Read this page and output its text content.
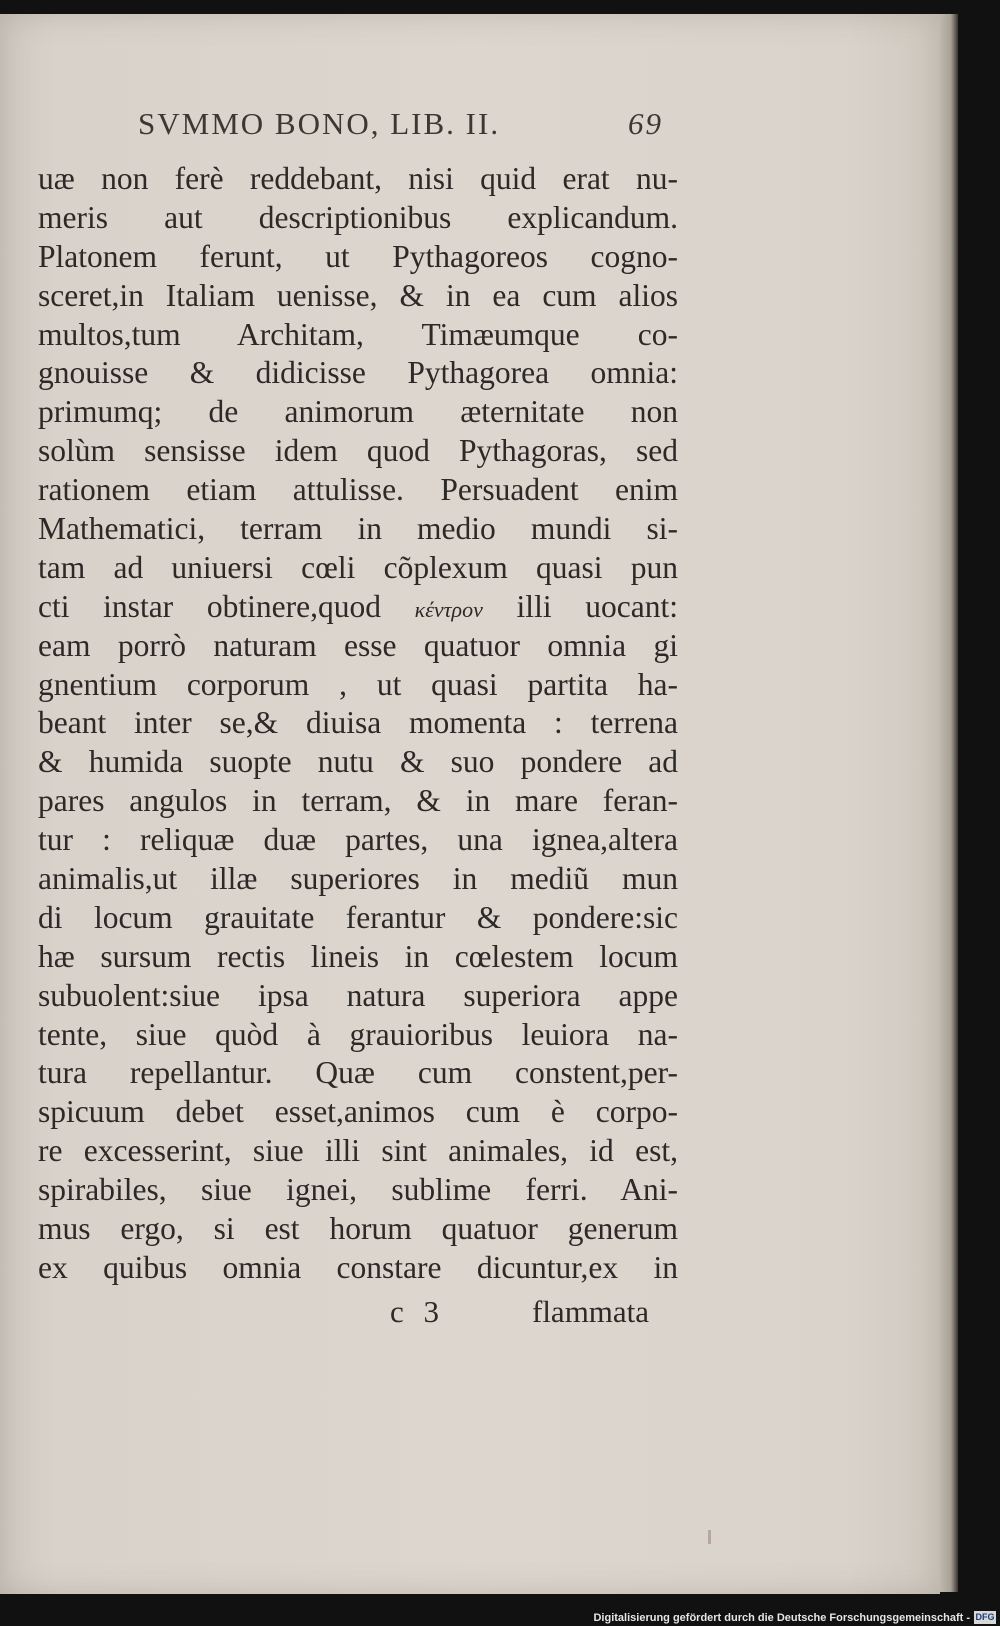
SVMMO BONO, LIB. II.	69
uæ non ferè reddebant, nisi quid erat nu-
meris aut descriptionibus explicandum.
Platonem ferunt, ut Pythagoreos cogno-
sceret,in Italiam uenisse, & in ea cum alios
multos,tum Architam, Timæumque co-
gnouisse & didicisse Pythagorea omnia:
primumq; de animorum æternitate non
solùm sensisse idem quod Pythagoras, sed
rationem etiam attulisse. Persuadent enim
Mathematici, terram in medio mundi si-
tam ad uniuersi cœli cõplexum quasi pun
cti instar obtinere,quod κέντρον illi uocant:
eam porrò naturam esse quatuor omnia gi
gnentium corporum , ut quasi partita ha-
beant inter se,& diuisa momenta : terrena
& humida suopte nutu & suo pondere ad
pares angulos in terram, & in mare feran-
tur : reliquæ duæ partes, una ignea,altera
animalis,ut illæ superiores in mediũ mun
di locum grauitate ferantur & pondere:sic
hæ sursum rectis lineis in cœlestem locum
subuolent:siue ipsa natura superiora appe
tente, siue quòd à grauioribus leuiora na-
tura repellantur. Quæ cum constent,per-
spicuum debet esset,animos cum è corpo-
re excesserint, siue illi sint animales, id est,
spirabiles, siue ignei, sublime ferri. Ani-
mus ergo, si est horum quatuor generum
ex quibus omnia constare dicuntur,ex in
c 3	flammata
Digitalisierung gefördert durch die Deutsche Forschungsgemeinschaft - DFG
